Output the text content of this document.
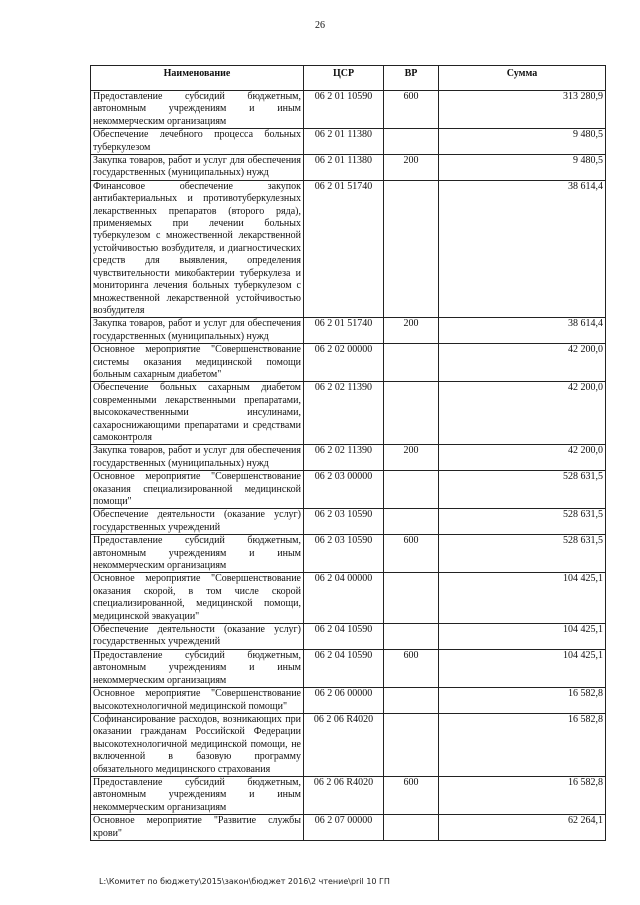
26
Наименование	ЦСР	ВР	Сумма
Предоставление субсидий бюджетным, автономным учреждениям и иным некоммерческим организациям	06 2 01 10590	600	313 280,9
Обеспечение лечебного процесса больных туберкулезом	06 2 01 11380		9 480,5
Закупка товаров, работ и услуг для обеспечения государственных (муниципальных) нужд	06 2 01 11380	200	9 480,5
Финансовое обеспечение закупок антибактериальных и противотуберкулезных лекарственных препаратов (второго ряда), применяемых при лечении больных туберкулезом с множественной лекарственной устойчивостью возбудителя, и диагностических средств для выявления, определения чувствительности микобактерии туберкулеза и мониторинга лечения больных туберкулезом с множественной лекарственной устойчивостью возбудителя	06 2 01 51740		38 614,4
Закупка товаров, работ и услуг для обеспечения государственных (муниципальных) нужд	06 2 01 51740	200	38 614,4
Основное мероприятие "Совершенствование системы оказания медицинской помощи больным сахарным диабетом"	06 2 02 00000		42 200,0
Обеспечение больных сахарным диабетом современными лекарственными препаратами, высококачественными инсулинами, сахароснижающими препаратами и средствами самоконтроля	06 2 02 11390		42 200,0
Закупка товаров, работ и услуг для обеспечения государственных (муниципальных) нужд	06 2 02 11390	200	42 200,0
Основное мероприятие "Совершенствование оказания специализированной медицинской помощи"	06 2 03 00000		528 631,5
Обеспечение деятельности (оказание услуг) государственных учреждений	06 2 03 10590		528 631,5
Предоставление субсидий бюджетным, автономным учреждениям и иным некоммерческим организациям	06 2 03 10590	600	528 631,5
Основное мероприятие "Совершенствование оказания скорой, в том числе скорой специализированной, медицинской помощи, медицинской эвакуации"	06 2 04 00000		104 425,1
Обеспечение деятельности (оказание услуг) государственных учреждений	06 2 04 10590		104 425,1
Предоставление субсидий бюджетным, автономным учреждениям и иным некоммерческим организациям	06 2 04 10590	600	104 425,1
Основное мероприятие "Совершенствование высокотехнологичной медицинской помощи"	06 2 06 00000		16 582,8
Софинансирование расходов, возникающих при оказании гражданам Российской Федерации высокотехнологичной медицинской помощи, не включенной в базовую программу обязательного медицинского страхования	06 2 06 R4020		16 582,8
Предоставление субсидий бюджетным, автономным учреждениям и иным некоммерческим организациям	06 2 06 R4020	600	16 582,8
Основное мероприятие "Развитие службы крови"	06 2 07 00000		62 264,1
L:\Комитет по бюджету\2015\закон\бюджет 2016\2 чтение\pril 10 ГП
